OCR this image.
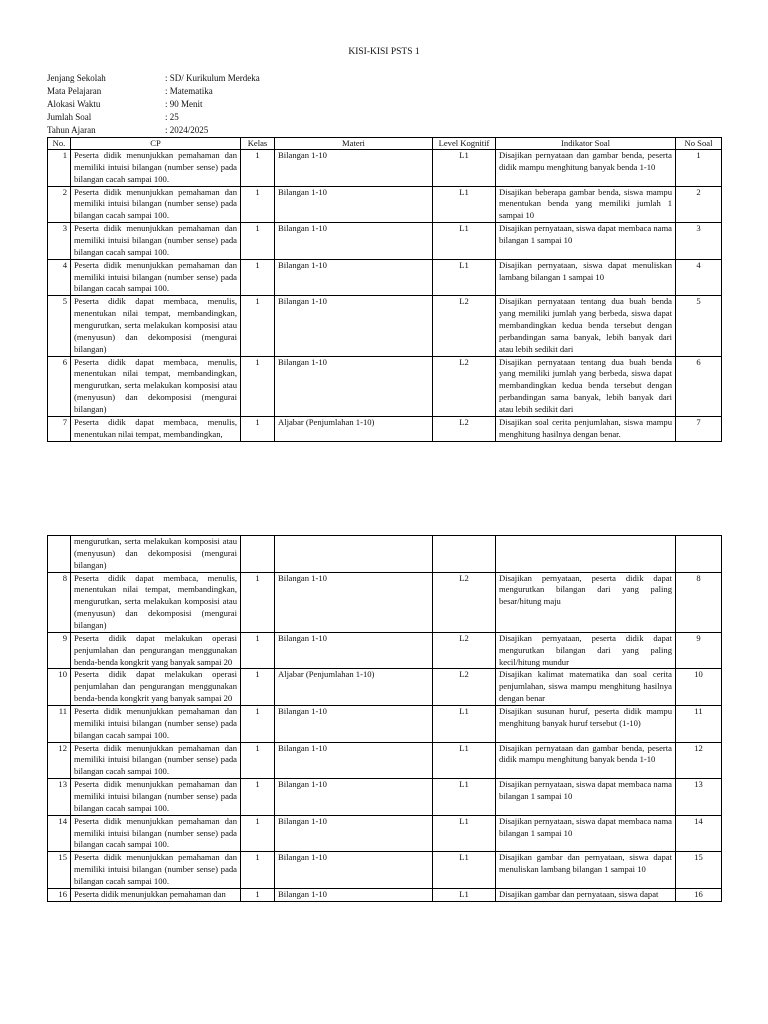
KISI-KISI PSTS 1
Jenjang Sekolah	: SD/ Kurikulum Merdeka
Mata Pelajaran	: Matematika
Alokasi Waktu	: 90 Menit
Jumlah Soal	: 25
Tahun Ajaran	: 2024/2025
No.	CP	Kelas	Materi	Level Kognitif	Indikator Soal	No Soal
1	Peserta didik menunjukkan pemahaman dan memiliki intuisi bilangan (number sense) pada bilangan cacah sampai 100.	1	Bilangan 1-10	L1	Disajikan pernyataan dan gambar benda, peserta didik mampu menghitung banyak benda 1-10	1
2	Peserta didik menunjukkan pemahaman dan memiliki intuisi bilangan (number sense) pada bilangan cacah sampai 100.	1	Bilangan 1-10	L1	Disajikan beberapa gambar benda, siswa mampu menentukan benda yang memiliki jumlah 1 sampai 10	2
3	Peserta didik menunjukkan pemahaman dan memiliki intuisi bilangan (number sense) pada bilangan cacah sampai 100.	1	Bilangan 1-10	L1	Disajikan pernyataan, siswa dapat membaca nama bilangan 1 sampai 10	3
4	Peserta didik menunjukkan pemahaman dan memiliki intuisi bilangan (number sense) pada bilangan cacah sampai 100.	1	Bilangan 1-10	L1	Disajikan pernyataan, siswa dapat menuliskan lambang bilangan 1 sampai 10	4
5	Peserta didik dapat membaca, menulis, menentukan nilai tempat, membandingkan, mengurutkan, serta melakukan komposisi atau (menyusun) dan dekomposisi (mengurai bilangan)	1	Bilangan 1-10	L2	Disajikan pernyataan tentang dua buah benda yang memiliki jumlah yang berbeda, siswa dapat membandingkan kedua benda tersebut dengan perbandingan sama banyak, lebih banyak dari atau lebih sedikit dari	5
6	Peserta didik dapat membaca, menulis, menentukan nilai tempat, membandingkan, mengurutkan, serta melakukan komposisi atau (menyusun) dan dekomposisi (mengurai bilangan)	1	Bilangan 1-10	L2	Disajikan pernyataan tentang dua buah benda yang memiliki jumlah yang berbeda, siswa dapat membandingkan kedua benda tersebut dengan perbandingan sama banyak, lebih banyak dari atau lebih sedikit dari	6
7	Peserta didik dapat membaca, menulis, menentukan nilai tempat, membandingkan,	1	Aljabar (Penjumlahan 1-10)	L2	Disajikan soal cerita penjumlahan, siswa mampu menghitung hasilnya dengan benar.	7
	mengurutkan, serta melakukan komposisi atau (menyusun) dan dekomposisi (mengurai bilangan)					
8	Peserta didik dapat membaca, menulis, menentukan nilai tempat, membandingkan, mengurutkan, serta melakukan komposisi atau (menyusun) dan dekomposisi (mengurai bilangan)	1	Bilangan 1-10	L2	Disajikan pernyataan, peserta didik dapat mengurutkan bilangan dari yang paling besar/hitung maju	8
9	Peserta didik dapat melakukan operasi penjumlahan dan pengurangan menggunakan benda-benda kongkrit yang banyak sampai 20	1	Bilangan 1-10	L2	Disajikan pernyataan, peserta didik dapat mengurutkan bilangan dari yang paling kecil/hitung mundur	9
10	Peserta didik dapat melakukan operasi penjumlahan dan pengurangan menggunakan benda-benda kongkrit yang banyak sampai 20	1	Aljabar (Penjumlahan 1-10)	L2	Disajikan kalimat matematika dan soal cerita penjumlahan, siswa mampu menghitung hasilnya dengan benar	10
11	Peserta didik menunjukkan pemahaman dan memiliki intuisi bilangan (number sense) pada bilangan cacah sampai 100.	1	Bilangan 1-10	L1	Disajikan susunan huruf, peserta didik mampu menghitung banyak huruf tersebut (1-10)	11
12	Peserta didik menunjukkan pemahaman dan memiliki intuisi bilangan (number sense) pada bilangan cacah sampai 100.	1	Bilangan 1-10	L1	Disajikan pernyataan dan gambar benda, peserta didik mampu menghitung banyak benda 1-10	12
13	Peserta didik menunjukkan pemahaman dan memiliki intuisi bilangan (number sense) pada bilangan cacah sampai 100.	1	Bilangan 1-10	L1	Disajikan pernyataan, siswa dapat membaca nama bilangan 1 sampai 10	13
14	Peserta didik menunjukkan pemahaman dan memiliki intuisi bilangan (number sense) pada bilangan cacah sampai 100.	1	Bilangan 1-10	L1	Disajikan pernyataan, siswa dapat membaca nama bilangan 1 sampai 10	14
15	Peserta didik menunjukkan pemahaman dan memiliki intuisi bilangan (number sense) pada bilangan cacah sampai 100.	1	Bilangan 1-10	L1	Disajikan gambar dan pernyataan, siswa dapat menuliskan lambang bilangan 1 sampai 10	15
16	Peserta didik menunjukkan pemahaman dan	1	Bilangan 1-10	L1	Disajikan gambar dan pernyataan, siswa dapat	16
